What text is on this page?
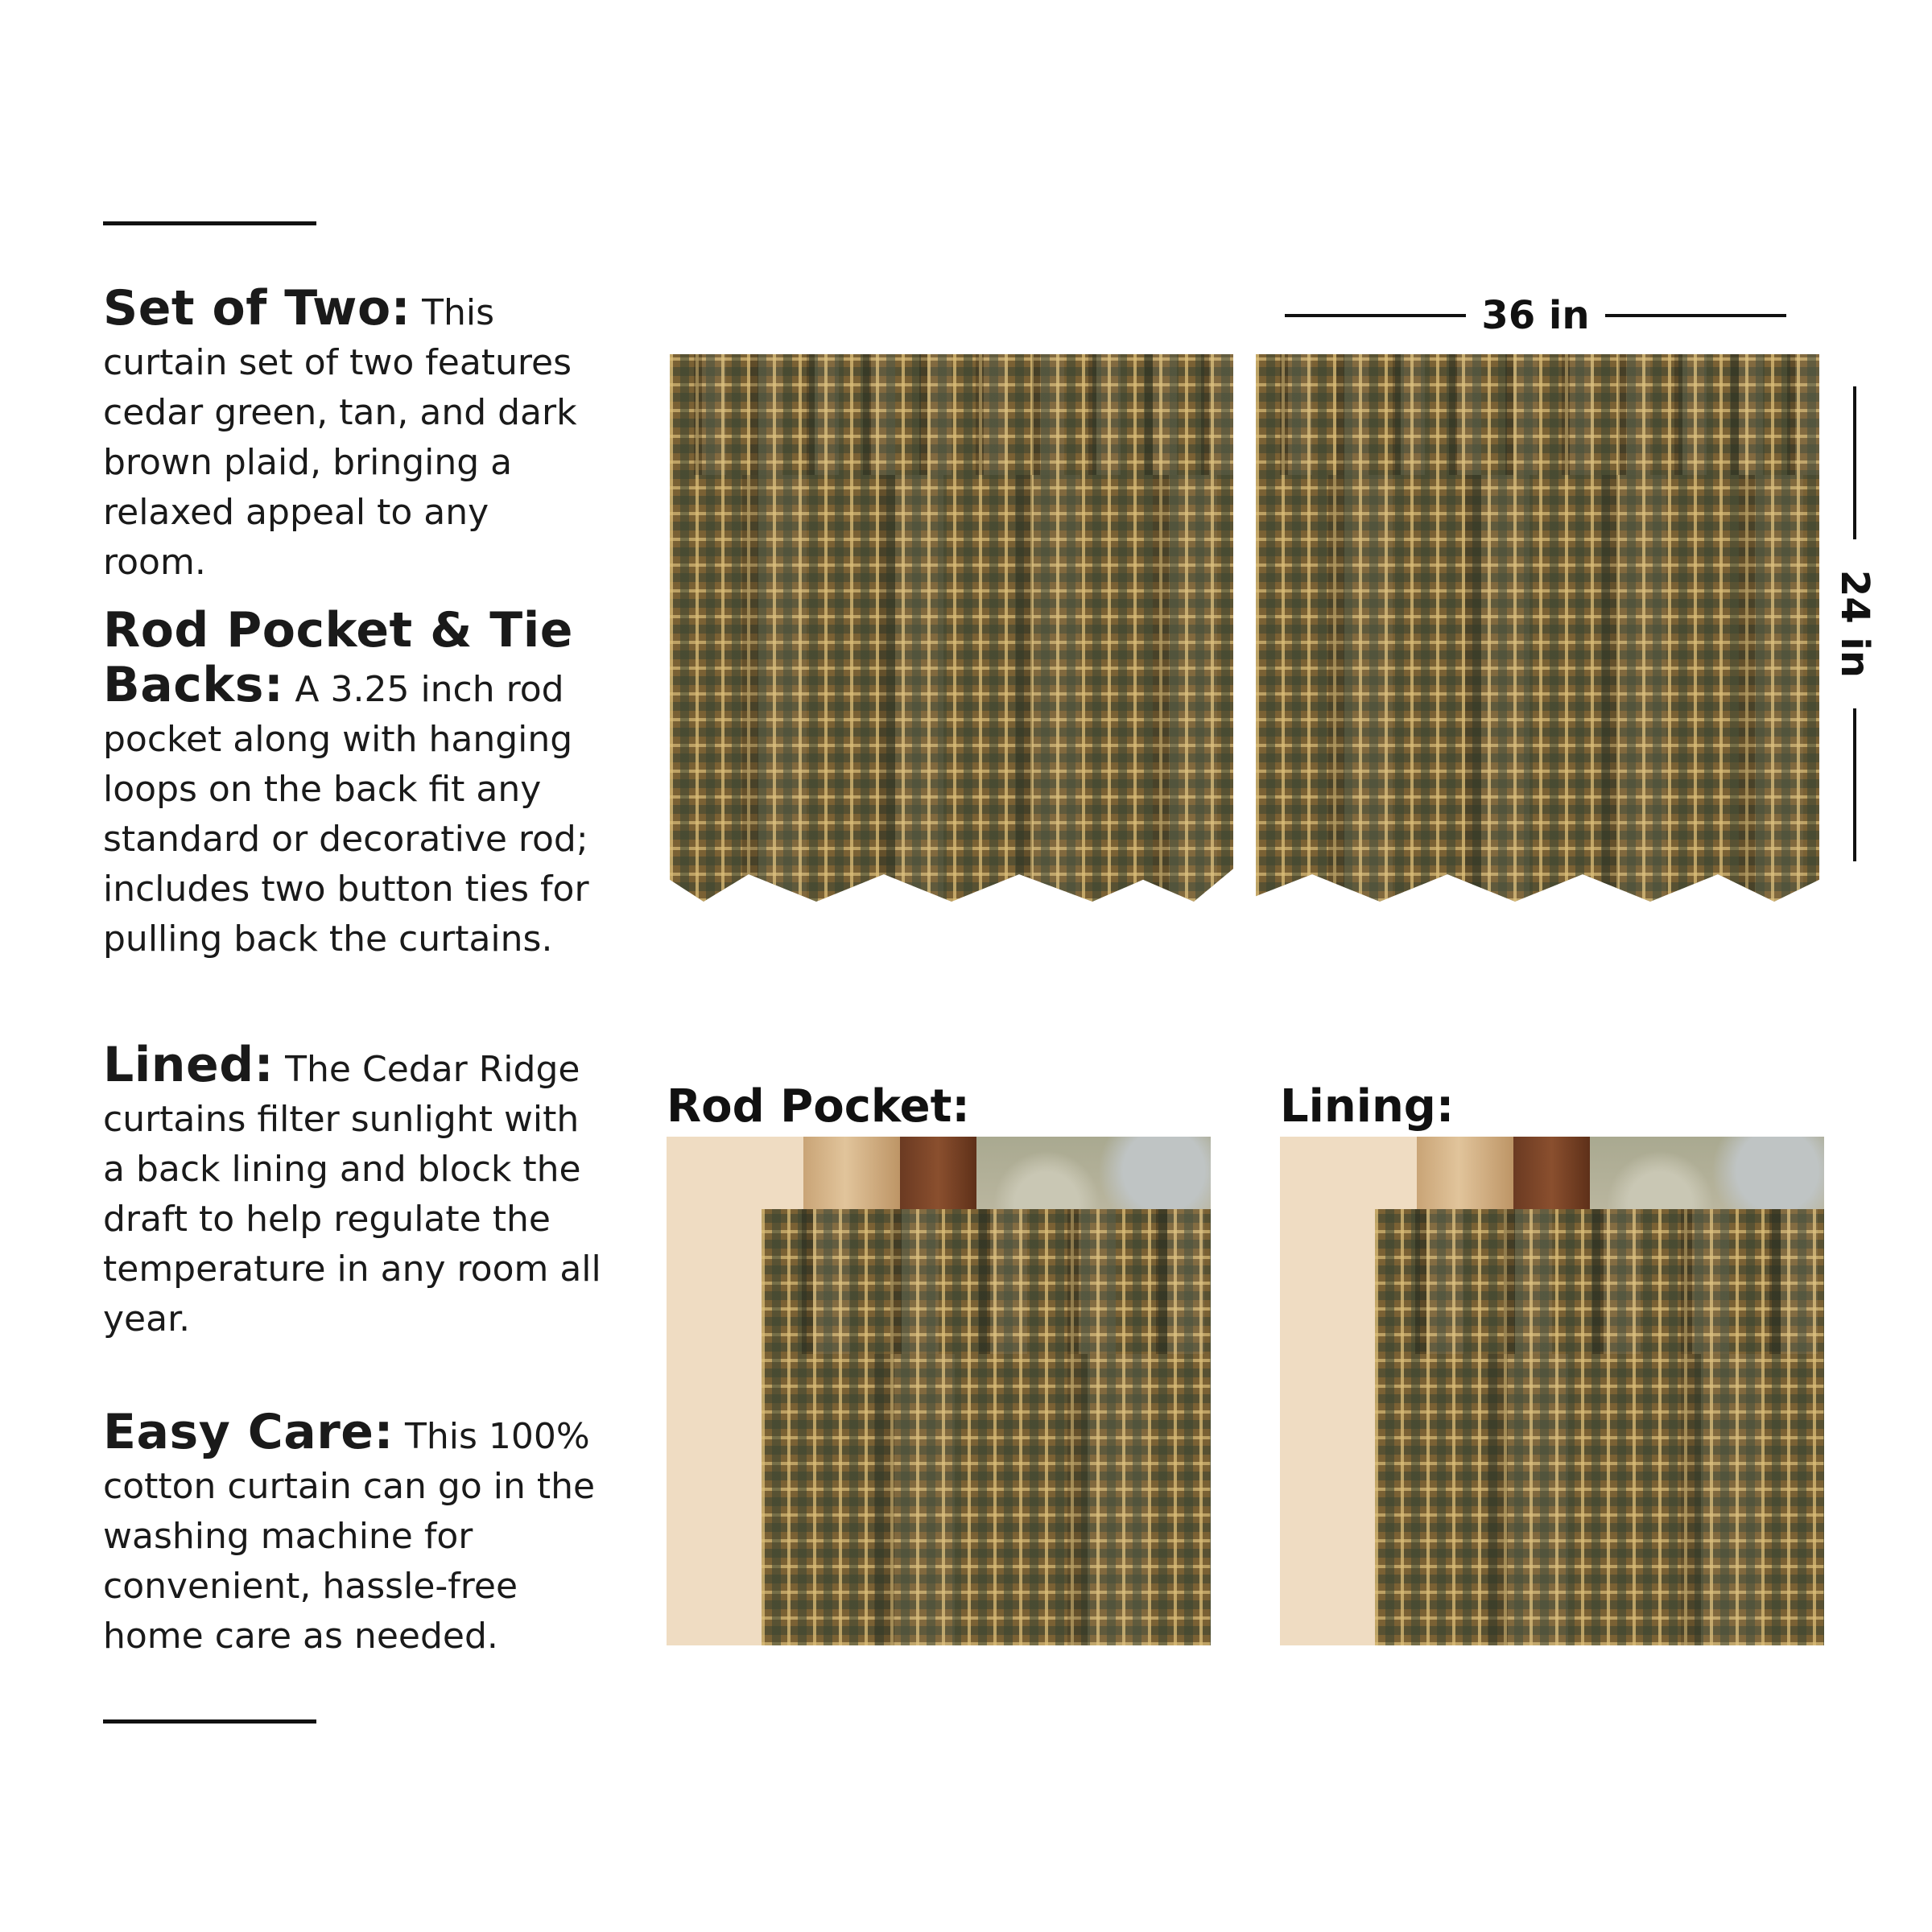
Set of Two: This curtain set of two features cedar green, tan, and dark brown plaid, bringing a relaxed appeal to any room.

Rod Pocket & Tie Backs: A 3.25 inch rod pocket along with hanging loops on the back fit any standard or decorative rod; includes two button ties for pulling back the curtains.

Lined: The Cedar Ridge curtains filter sunlight with a back lining and block the draft to help regulate the temperature in any room all year.

Easy Care: This 100% cotton curtain can go in the washing machine for convenient, hassle-free home care as needed.

36 in
24 in
Rod Pocket:	Lining:
